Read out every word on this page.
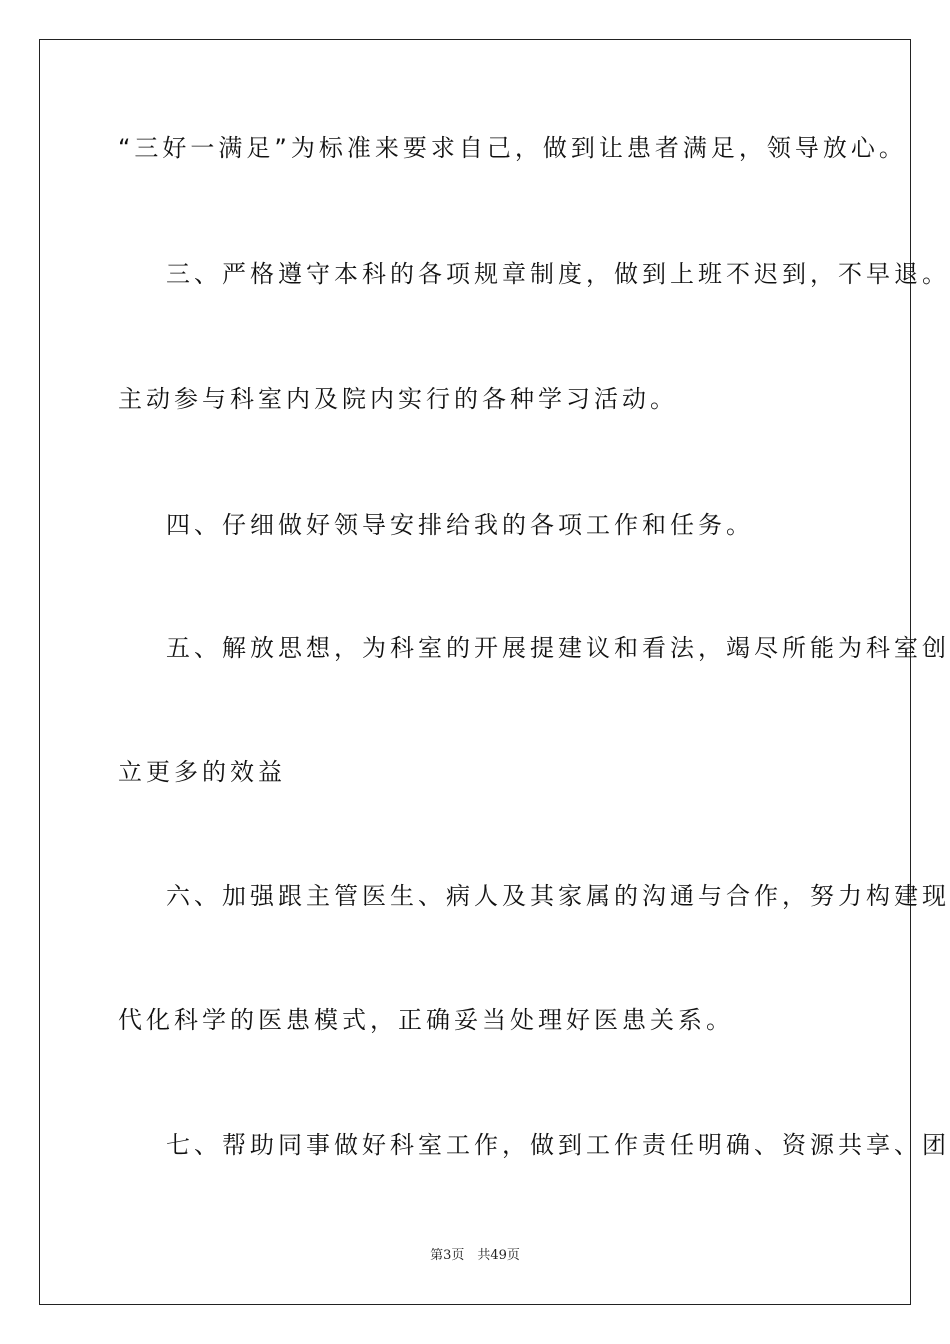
“三好一满足”为标准来要求自己，做到让患者满足，领导放心。
三、严格遵守本科的各项规章制度，做到上班不迟到，不早退。
主动参与科室内及院内实行的各种学习活动。
四、仔细做好领导安排给我的各项工作和任务。
五、解放思想，为科室的开展提建议和看法，竭尽所能为科室创
立更多的效益
六、加强跟主管医生、病人及其家属的沟通与合作，努力构建现
代化科学的医患模式，正确妥当处理好医患关系。
七、帮助同事做好科室工作，做到工作责任明确、资源共享、团
第3页　共49页
